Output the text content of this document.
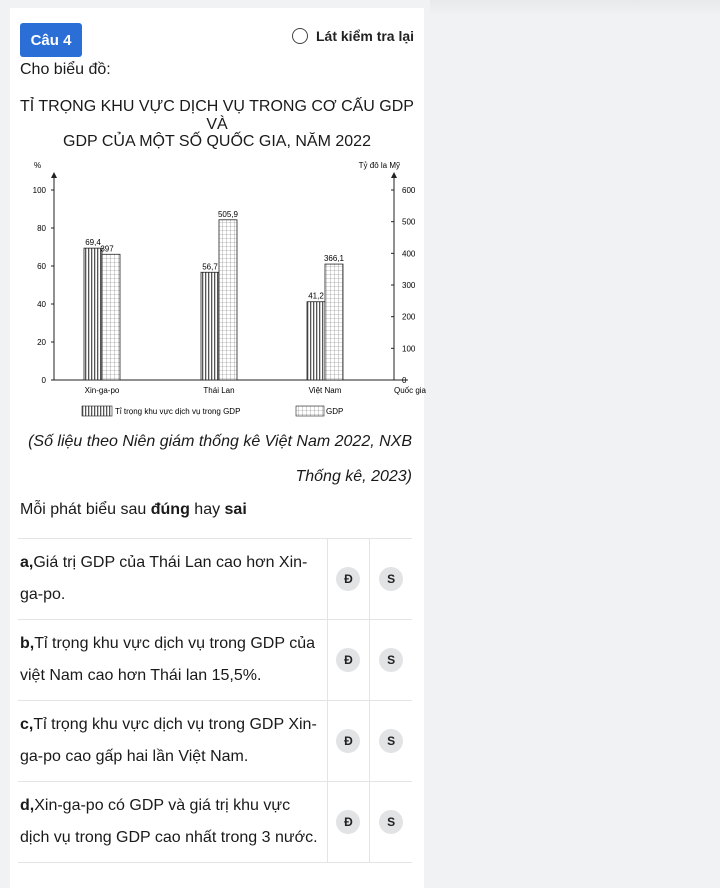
Câu 4	Lát kiểm tra lại
Cho biểu đồ:
TỈ TRỌNG KHU VỰC DỊCH VỤ TRONG CƠ CẤU GDP VÀ
GDP CỦA MỘT SỐ QUỐC GIA, NĂM 2022
%	Tỷ đô la Mỹ
0
20
40
60
80
100
0
100
200
300
400
500
600
69,4
397
Xin-ga-po
56,7
505,9
Thái Lan
41,2
366,1
Việt Nam	Quốc gia
Tỉ trọng khu vực dịch vụ trong GDP	GDP
(Số liệu theo Niên giám thống kê Việt Nam 2022, NXB
Thống kê, 2023)
Mỗi phát biểu sau đúng hay sai
a,Giá trị GDP của Thái Lan cao hơn Xin-ga-po.	Đ	S
b,Tỉ trọng khu vực dịch vụ trong GDP của việt Nam cao hơn Thái lan 15,5%.	Đ	S
c,Tỉ trọng khu vực dịch vụ trong GDP Xin-ga-po cao gấp hai lần Việt Nam.	Đ	S
d,Xin-ga-po có GDP và giá trị khu vực dịch vụ trong GDP cao nhất trong 3 nước.	Đ	S
